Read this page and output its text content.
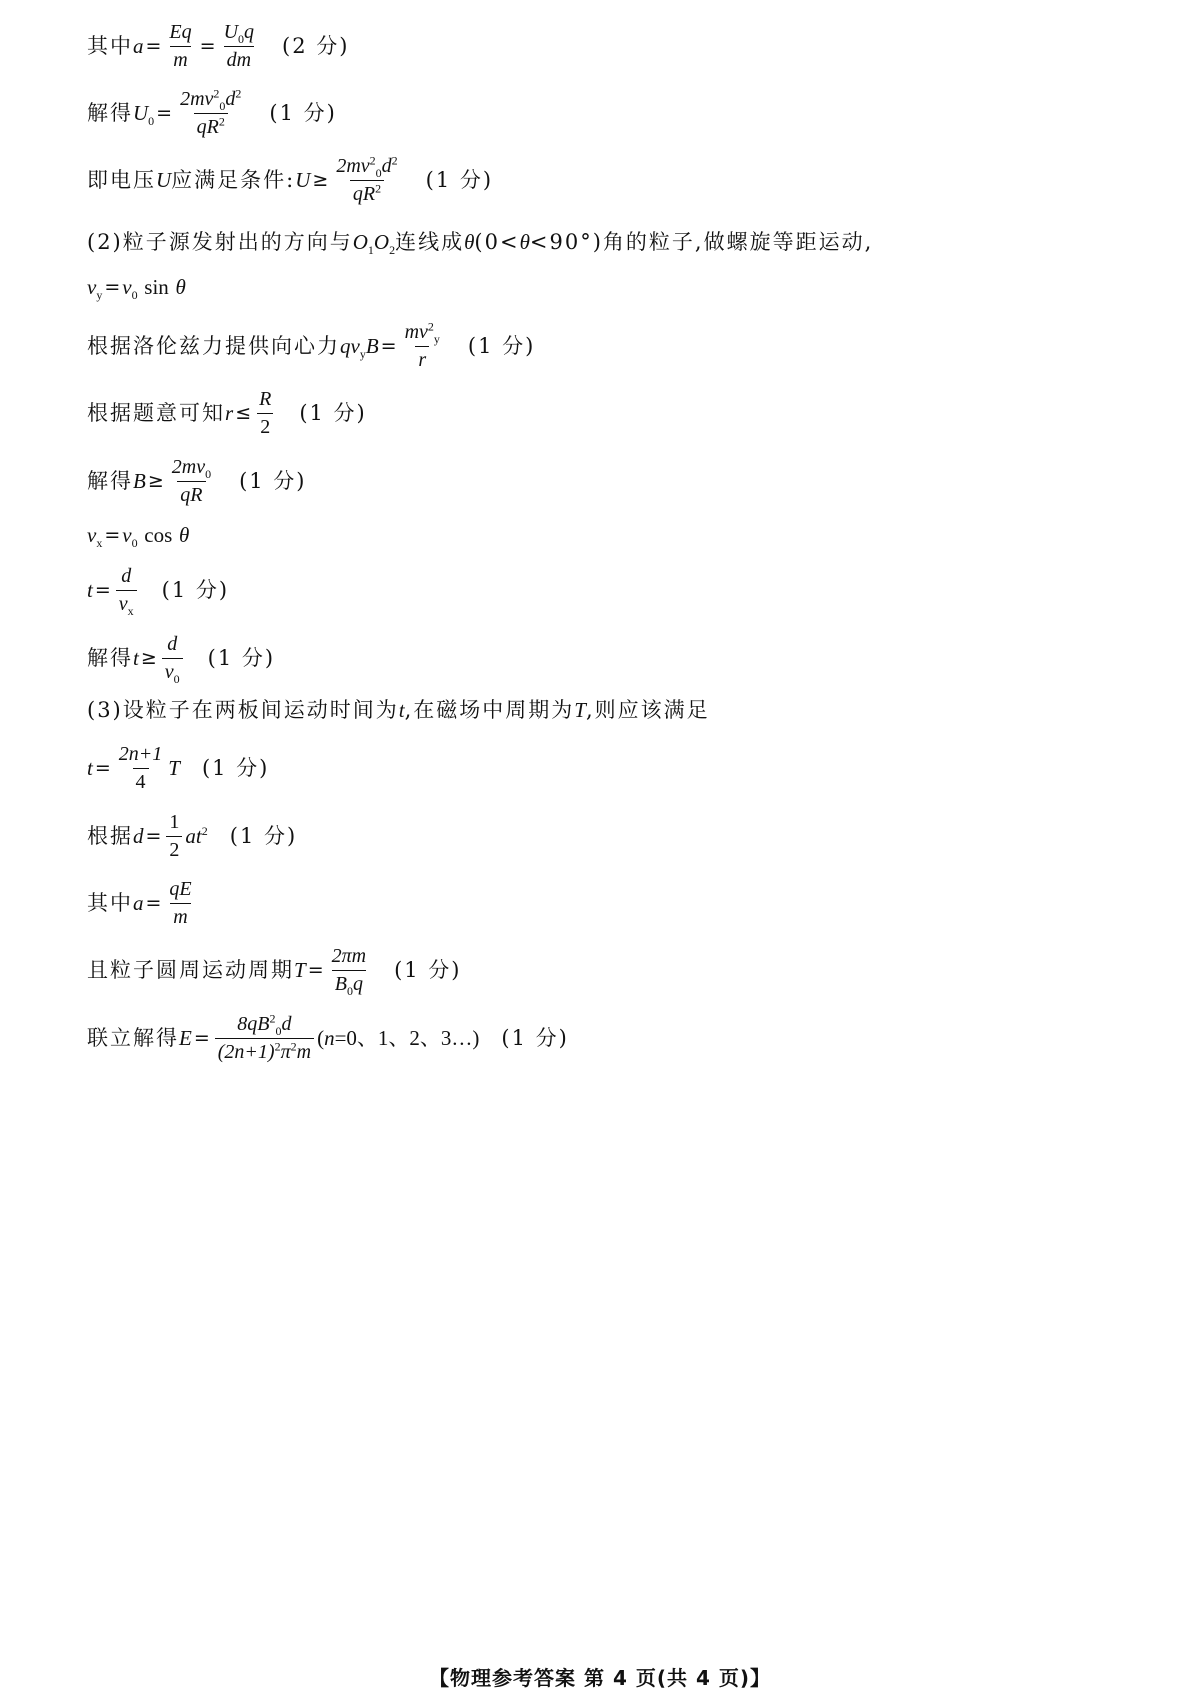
其中 $a = \frac{Eq}{m} = \frac{U_0q}{dm} (2$ 分)
解得 $U_0 = \frac{2mv^2_0d^2}{qR^2} (1$ 分)
即电压 U 应满足条件: $U \ge \frac{2mv^2_0d^2}{qR^2} (1$ 分)
(2)粒子源发射出的方向与 $O_1O_2$ 连线成 θ (0< θ <90°)角的粒子,做螺旋等距运动,
$v_y = v_0$
sin
θ
根据洛伦兹力提供向心力 $qv_yB = \frac{mv^2_y}{r} (1$ 分)
根据题意可知 $r \le \frac{R}{2} (1$ 分)
解得 $B \ge \frac{2mv_0}{qR} (1$ 分)
$v_x = v_0$
cos
θ
$t = \frac{d}{v_x} (1$ 分)
解得 $t \ge \frac{d}{v_0} (1$ 分)
(3)设粒子在两板间运动时间为 t ,在磁场中周期为 T ,则应该满足
$t = \frac{2n+1}{4}$ T (1 分)
根据 $d = \frac{1}{2} at^2$ (1 分)
其中 $a = \frac{qE}{m}$
且粒子圆周运动周期 $T = \frac{2\pi m}{B_0q} (1$ 分)
联立解得 $E = \frac{8qB^2_0d}{(2n+1)^2\pi^2m}$ ( n =0、1、2、3…) (1 分)
【物理参考答案 第 4 页(共 4 页)】
